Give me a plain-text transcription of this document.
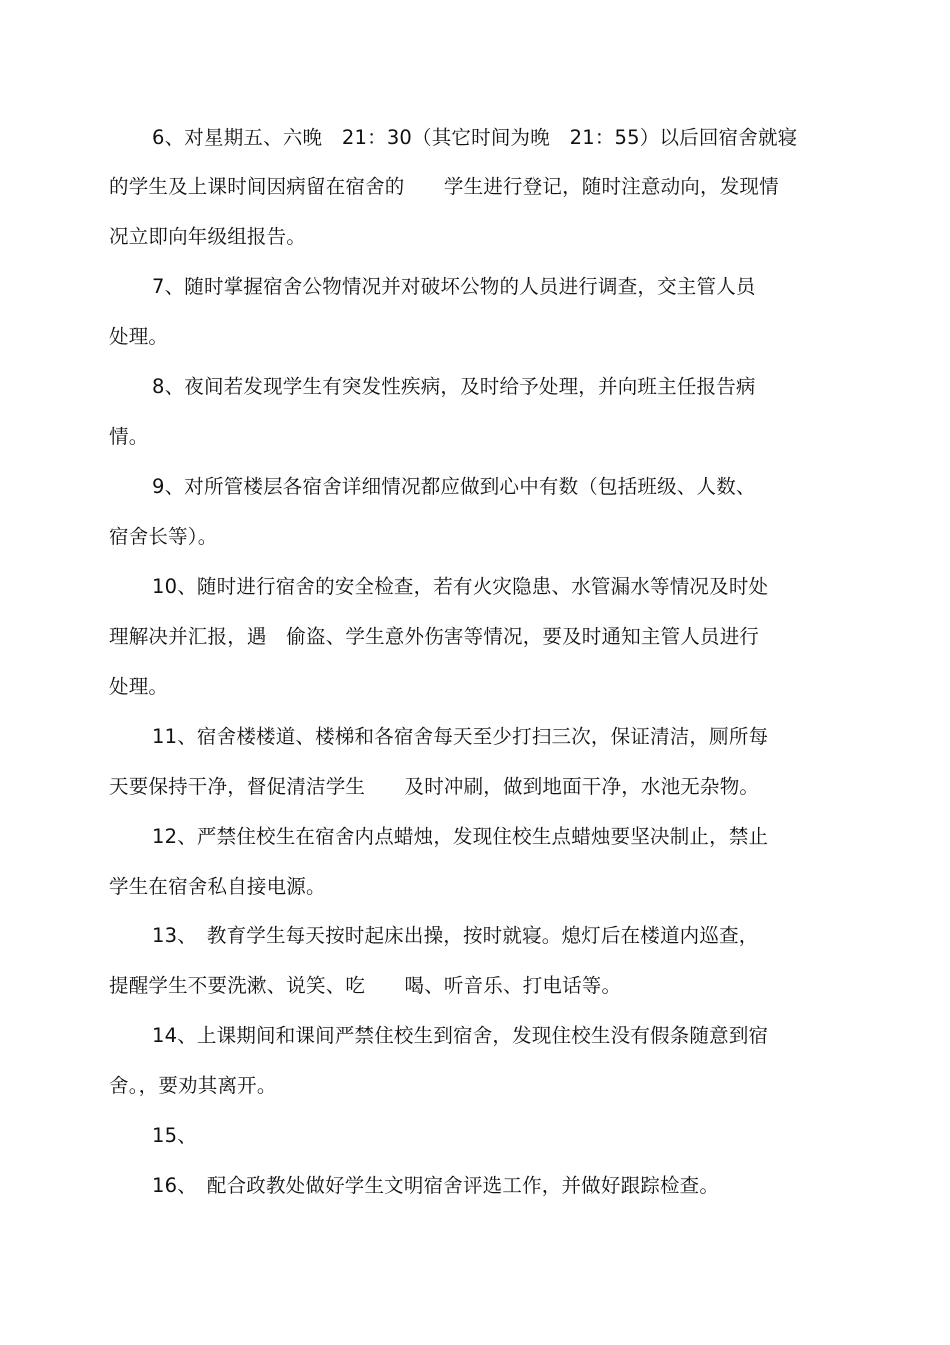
6、对星期五、六晚　21：30（其它时间为晚　21：55）以后回宿舍就寝
的学生及上课时间因病留在宿舍的　　学生进行登记，随时注意动向，发现情
况立即向年级组报告。
7、随时掌握宿舍公物情况并对破坏公物的人员进行调查，交主管人员
处理。
8、夜间若发现学生有突发性疾病，及时给予处理，并向班主任报告病
情。
9、对所管楼层各宿舍详细情况都应做到心中有数（包括班级、人数、
宿舍长等）。
10、随时进行宿舍的安全检查，若有火灾隐患、水管漏水等情况及时处
理解决并汇报，遇　偷盗、学生意外伤害等情况，要及时通知主管人员进行
处理。
11、宿舍楼楼道、楼梯和各宿舍每天至少打扫三次，保证清洁，厕所每
天要保持干净，督促清洁学生　　及时冲刷，做到地面干净，水池无杂物。
12、严禁住校生在宿舍内点蜡烛，发现住校生点蜡烛要坚决制止，禁止
学生在宿舍私自接电源。
13、　教育学生每天按时起床出操，按时就寝。熄灯后在楼道内巡查，
提醒学生不要洗漱、说笑、吃　　喝、听音乐、打电话等。
14、上课期间和课间严禁住校生到宿舍，发现住校生没有假条随意到宿
舍。，要劝其离开。
15、
16、　配合政教处做好学生文明宿舍评选工作，并做好跟踪检查。
